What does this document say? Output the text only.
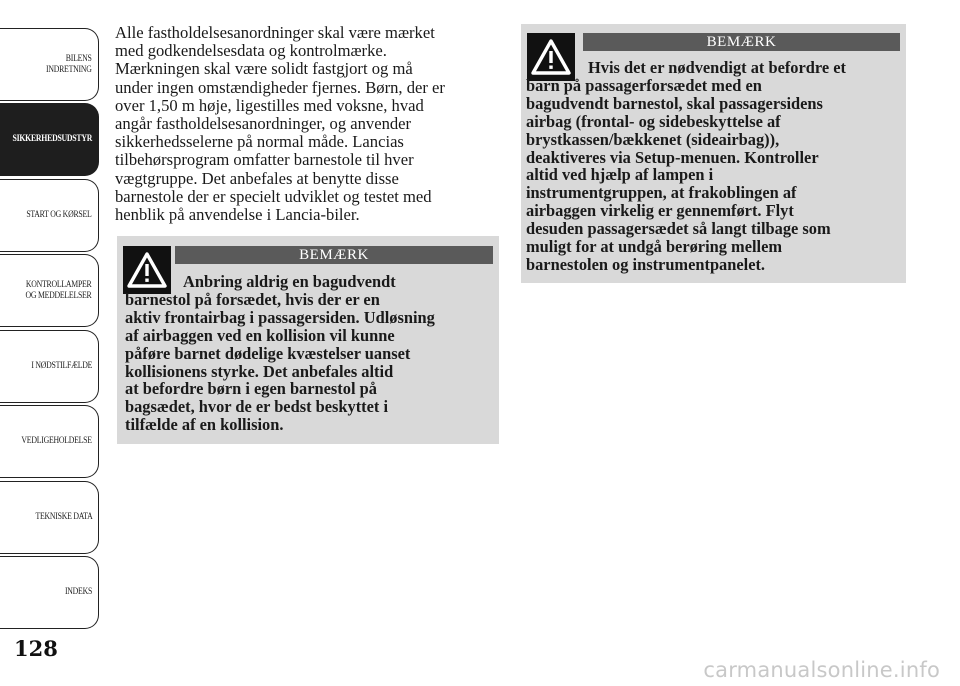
BILENS
INDRETNING
SIKKERHEDSUDSTYR
START OG KØRSEL
KONTROLLAMPER
OG MEDDELELSER
I NØDSTILFÆLDE
VEDLIGEHOLDELSE
TEKNISKE DATA
INDEKS
128
Alle fastholdelsesanordninger skal være mærket
med godkendelsesdata og kontrolmærke.
Mærkningen skal være solidt fastgjort og må
under ingen omstændigheder fjernes. Børn, der er
over 1,50 m høje, ligestilles med voksne, hvad
angår fastholdelsesanordninger, og anvender
sikkerhedsselerne på normal måde. Lancias
tilbehørsprogram omfatter barnestole til hver
vægtgruppe. Det anbefales at benytte disse
barnestole der er specielt udviklet og testet med
henblik på anvendelse i Lancia-biler.
BEMÆRK
Anbring aldrig en bagudvendt
barnestol på forsædet, hvis der er en
aktiv frontairbag i passagersiden. Udløsning
af airbaggen ved en kollision vil kunne
påføre barnet dødelige kvæstelser uanset
kollisionens styrke. Det anbefales altid
at befordre børn i egen barnestol på
bagsædet, hvor de er bedst beskyttet i
tilfælde af en kollision.
BEMÆRK
Hvis det er nødvendigt at befordre et
barn på passagerforsædet med en
bagudvendt barnestol, skal passagersidens
airbag (frontal- og sidebeskyttelse af
brystkassen/bækkenet (sideairbag)),
deaktiveres via Setup-menuen. Kontroller
altid ved hjælp af lampen i
instrumentgruppen, at frakoblingen af
airbaggen virkelig er gennemført. Flyt
desuden passagersædet så langt tilbage som
muligt for at undgå berøring mellem
barnestolen og instrumentpanelet.
carmanualsonline.info
